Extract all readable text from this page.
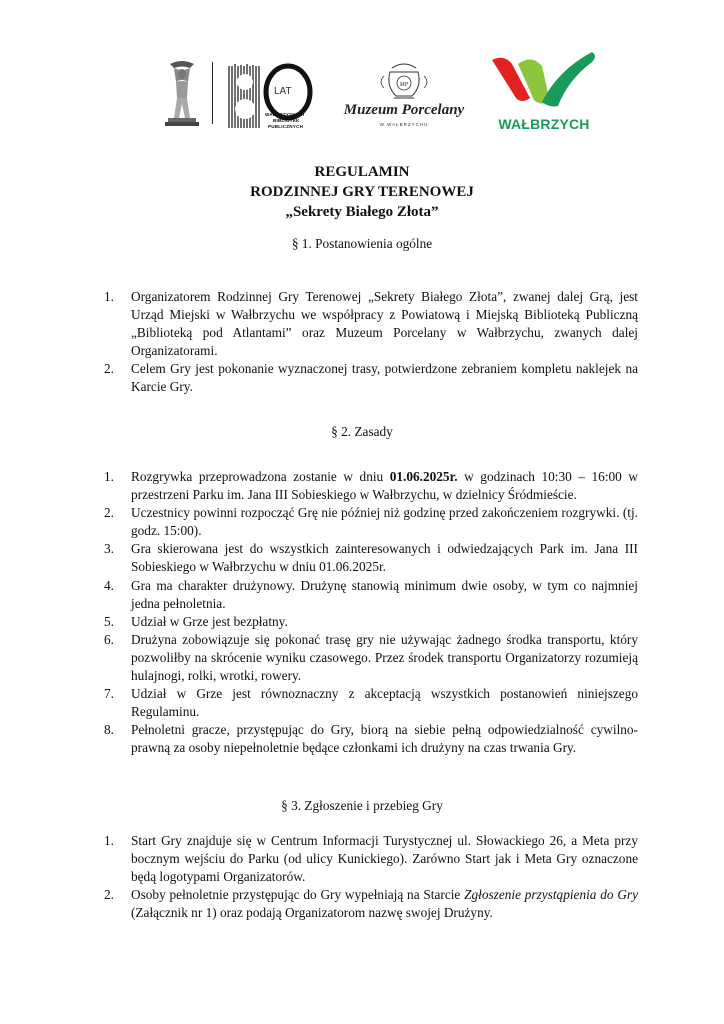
LAT
WAŁBRZYSKICH
BIBLIOTEK
PUBLICZNYCH
MP
Muzeum Porcelany
W WAŁBRZYCHU	WAŁBRZYCH
REGULAMIN
RODZINNEJ GRY TERENOWEJ
„Sekrety Białego Złota”
§ 1. Postanowienia ogólne
1. Organizatorem Rodzinnej Gry Terenowej „Sekrety Białego Złota”, zwanej dalej Grą, jest Urząd Miejski w Wałbrzychu we współpracy z Powiatową i Miejską Biblioteką Publiczną „Biblioteką pod Atlantami” oraz Muzeum Porcelany w Wałbrzychu, zwanych dalej Organizatorami.
2. Celem Gry jest pokonanie wyznaczonej trasy, potwierdzone zebraniem kompletu naklejek na Karcie Gry.
§ 2. Zasady
1. Rozgrywka przeprowadzona zostanie w dniu 01.06.2025r. w godzinach 10:30 – 16:00 w przestrzeni Parku im. Jana III Sobieskiego w Wałbrzychu, w dzielnicy Śródmieście.
2. Uczestnicy powinni rozpocząć Grę nie później niż godzinę przed zakończeniem rozgrywki. (tj. godz. 15:00).
3. Gra skierowana jest do wszystkich zainteresowanych i odwiedzających Park im. Jana III Sobieskiego w Wałbrzychu w dniu 01.06.2025r.
4. Gra ma charakter drużynowy. Drużynę stanowią minimum dwie osoby, w tym co najmniej jedna pełnoletnia.
5. Udział w Grze jest bezpłatny.
6. Drużyna zobowiązuje się pokonać trasę gry nie używając żadnego środka transportu, który pozwoliłby na skrócenie wyniku czasowego. Przez środek transportu Organizatorzy rozumieją hulajnogi, rolki, wrotki, rowery.
7. Udział w Grze jest równoznaczny z akceptacją wszystkich postanowień niniejszego Regulaminu.
8. Pełnoletni gracze, przystępując do Gry, biorą na siebie pełną odpowiedzialność cywilno-prawną za osoby niepełnoletnie będące członkami ich drużyny na czas trwania Gry.
§ 3. Zgłoszenie i przebieg Gry
1. Start Gry znajduje się w Centrum Informacji Turystycznej ul. Słowackiego 26, a Meta przy bocznym wejściu do Parku (od ulicy Kunickiego). Zarówno Start jak i Meta Gry oznaczone będą logotypami Organizatorów.
2. Osoby pełnoletnie przystępując do Gry wypełniają na Starcie Zgłoszenie przystąpienia do Gry (Załącznik nr 1) oraz podają Organizatorom nazwę swojej Drużyny.
